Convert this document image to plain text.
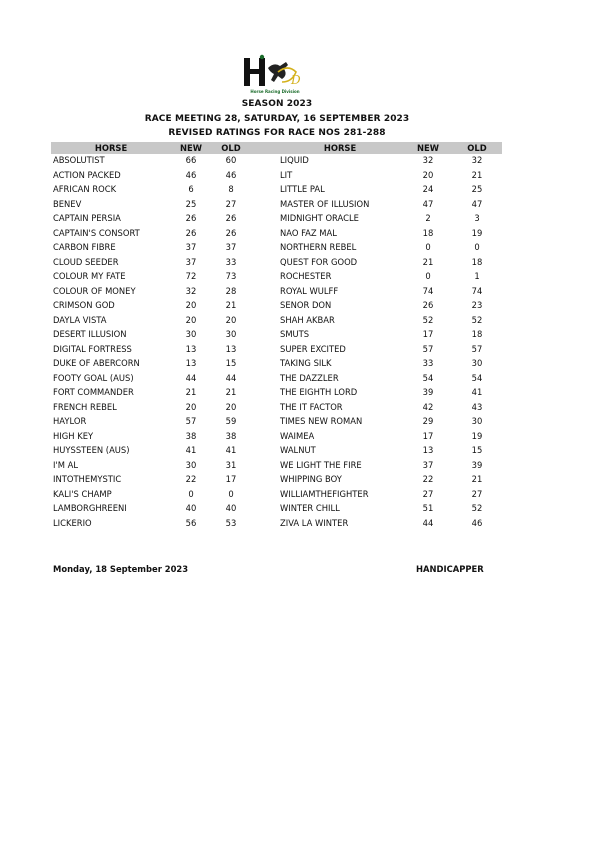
D
Horse Racing Division
SEASON 2023
RACE MEETING 28, SATURDAY, 16 SEPTEMBER 2023
REVISED RATINGS FOR RACE NOS 281-288
HORSE	NEW	OLD	HORSE	NEW	OLD
ABSOLUTIST	66	60	LIQUID	32	32
ACTION PACKED	46	46	LIT	20	21
AFRICAN ROCK	6	8	LITTLE PAL	24	25
BENEV	25	27	MASTER OF ILLUSION	47	47
CAPTAIN PERSIA	26	26	MIDNIGHT ORACLE	2	3
CAPTAIN'S CONSORT	26	26	NAO FAZ MAL	18	19
CARBON FIBRE	37	37	NORTHERN REBEL	0	0
CLOUD SEEDER	37	33	QUEST FOR GOOD	21	18
COLOUR MY FATE	72	73	ROCHESTER	0	1
COLOUR OF MONEY	32	28	ROYAL WULFF	74	74
CRIMSON GOD	20	21	SENOR DON	26	23
DAYLA VISTA	20	20	SHAH AKBAR	52	52
DESERT ILLUSION	30	30	SMUTS	17	18
DIGITAL FORTRESS	13	13	SUPER EXCITED	57	57
DUKE OF ABERCORN	13	15	TAKING SILK	33	30
FOOTY GOAL (AUS)	44	44	THE DAZZLER	54	54
FORT COMMANDER	21	21	THE EIGHTH LORD	39	41
FRENCH REBEL	20	20	THE IT FACTOR	42	43
HAYLOR	57	59	TIMES NEW ROMAN	29	30
HIGH KEY	38	38	WAIMEA	17	19
HUYSSTEEN (AUS)	41	41	WALNUT	13	15
I'M AL	30	31	WE LIGHT THE FIRE	37	39
INTOTHEMYSTIC	22	17	WHIPPING BOY	22	21
KALI'S CHAMP	0	0	WILLIAMTHEFIGHTER	27	27
LAMBORGHREENI	40	40	WINTER CHILL	51	52
LICKERIO	56	53	ZIVA LA WINTER	44	46
Monday, 18 September 2023	HANDICAPPER
